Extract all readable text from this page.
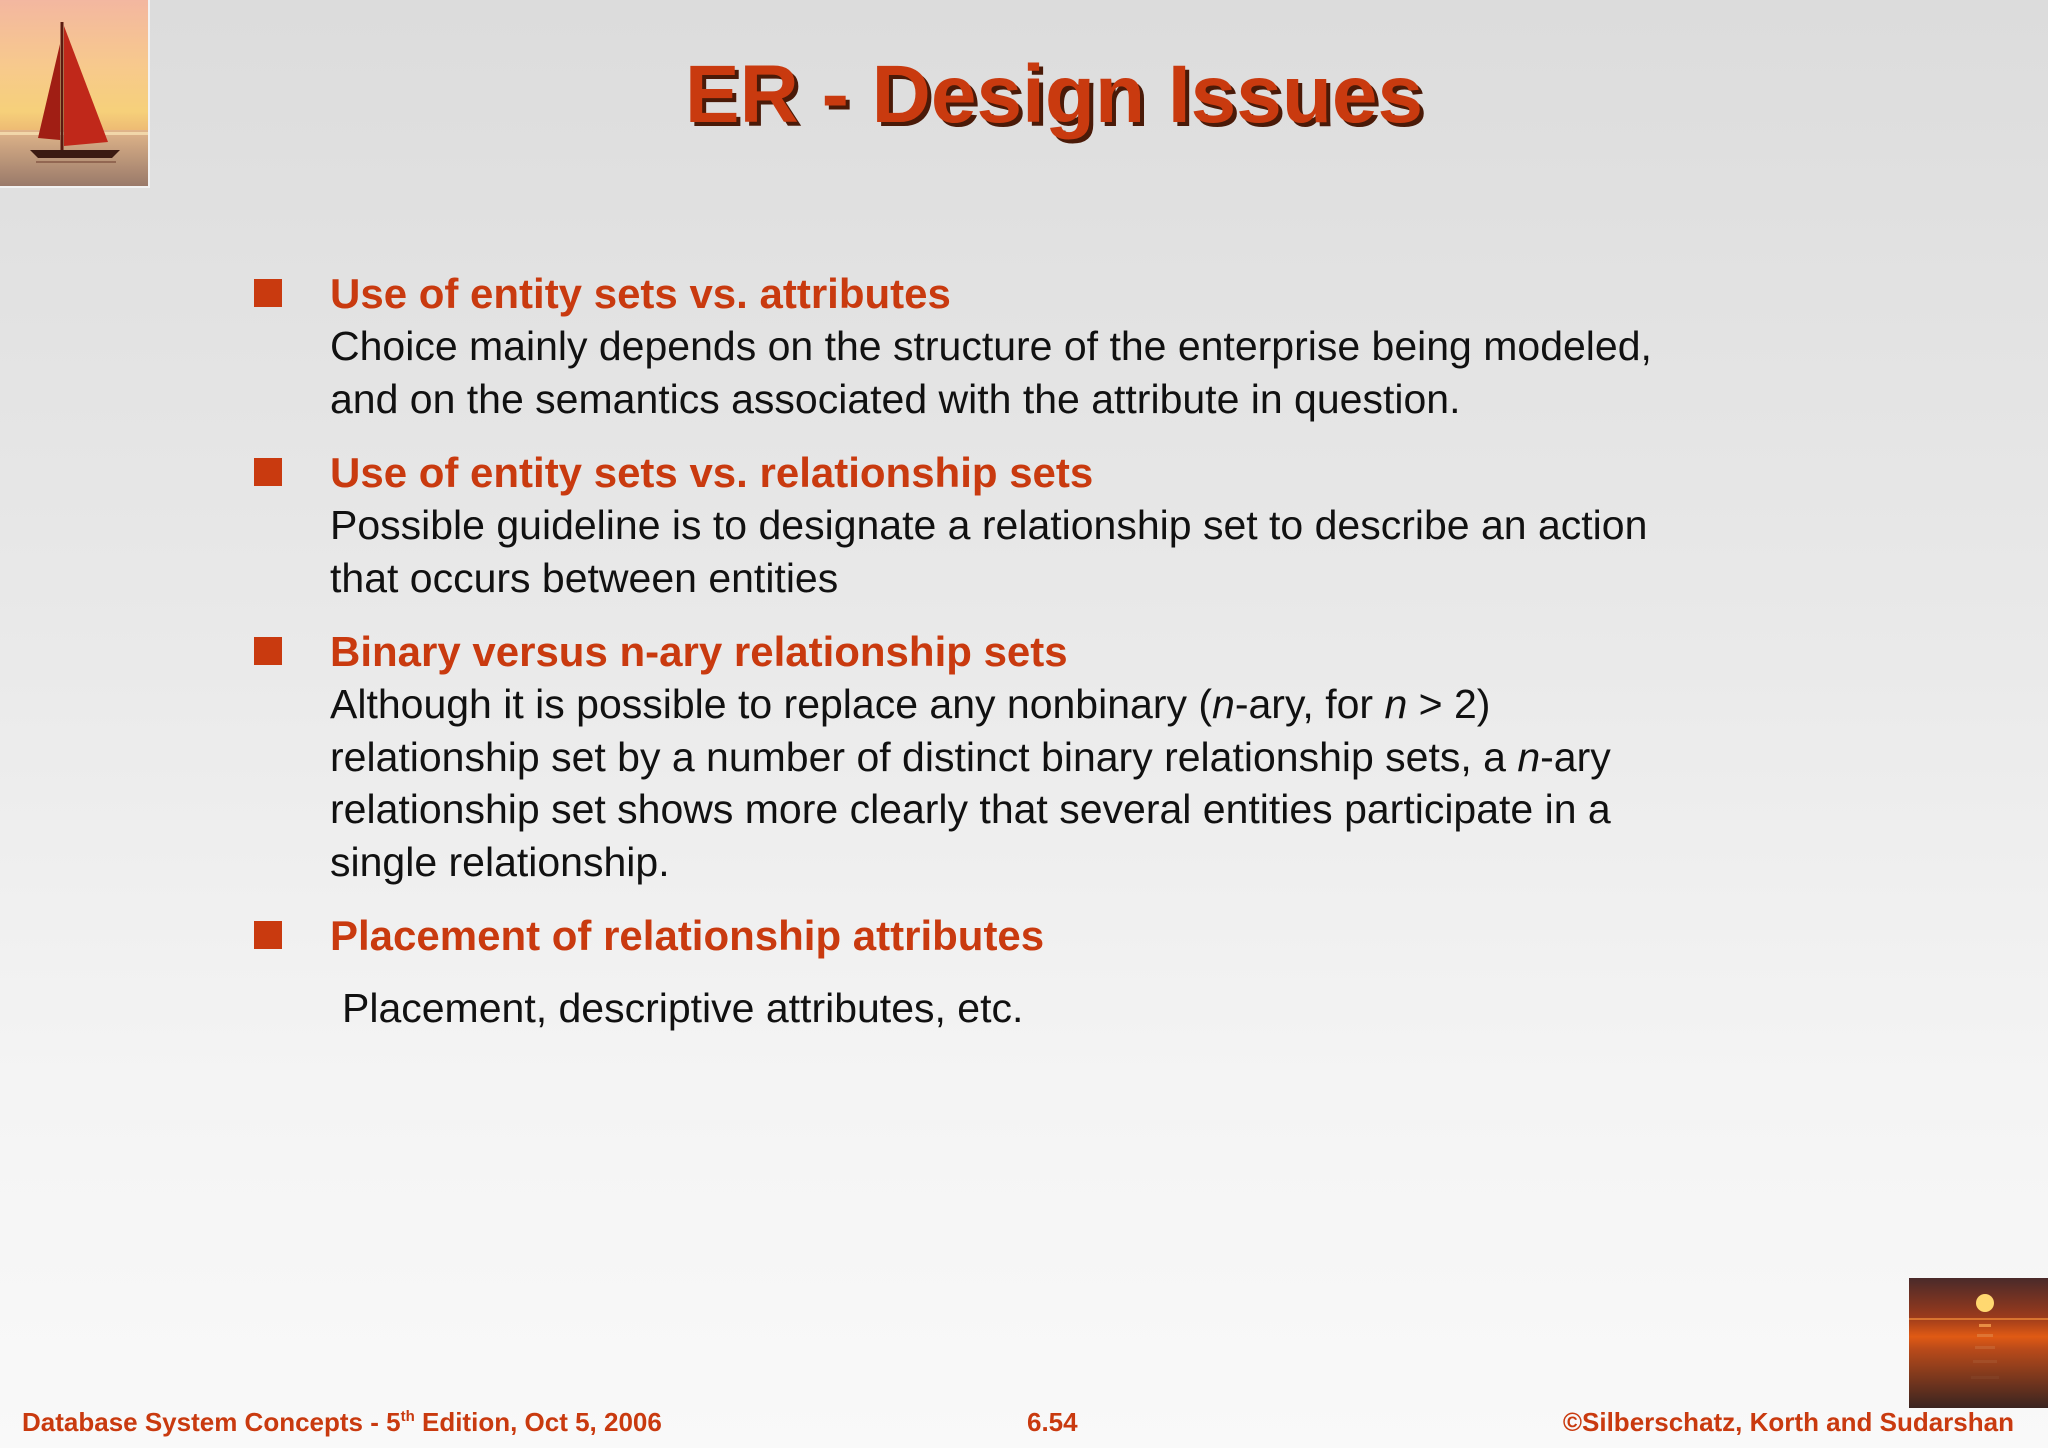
ER - Design Issues
Use of entity sets vs. attributes
Choice mainly depends on the structure of the enterprise being modeled,
and on the semantics associated with the attribute in question.
Use of entity sets vs. relationship sets
Possible guideline is to designate a relationship set to describe an action
that occurs between entities
Binary versus n-ary relationship sets
Although it is possible to replace any nonbinary (n-ary, for n > 2)
relationship set by a number of distinct binary relationship sets, a n-ary
relationship set shows more clearly that several entities participate in a
single relationship.
Placement of relationship attributes
Placement, descriptive attributes, etc.
Database System Concepts - 5th Edition, Oct 5, 2006	6.54	©Silberschatz, Korth and Sudarshan
